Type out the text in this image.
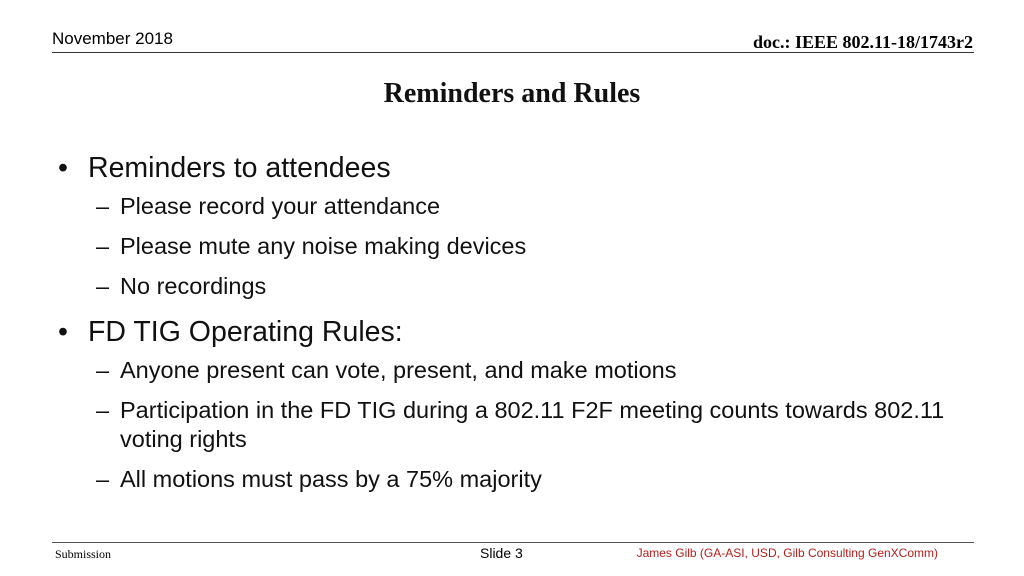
November 2018	doc.: IEEE 802.11-18/1743r2
Reminders and Rules
• Reminders to attendees
– Please record your attendance
– Please mute any noise making devices
– No recordings
• FD TIG Operating Rules:
– Anyone present can vote, present, and make motions
– Participation in the FD TIG during a 802.11 F2F meeting counts towards 802.11 voting rights
– All motions must pass by a 75% majority
Submission	Slide 3	James Gilb (GA-ASI, USD, Gilb Consulting GenXComm)
